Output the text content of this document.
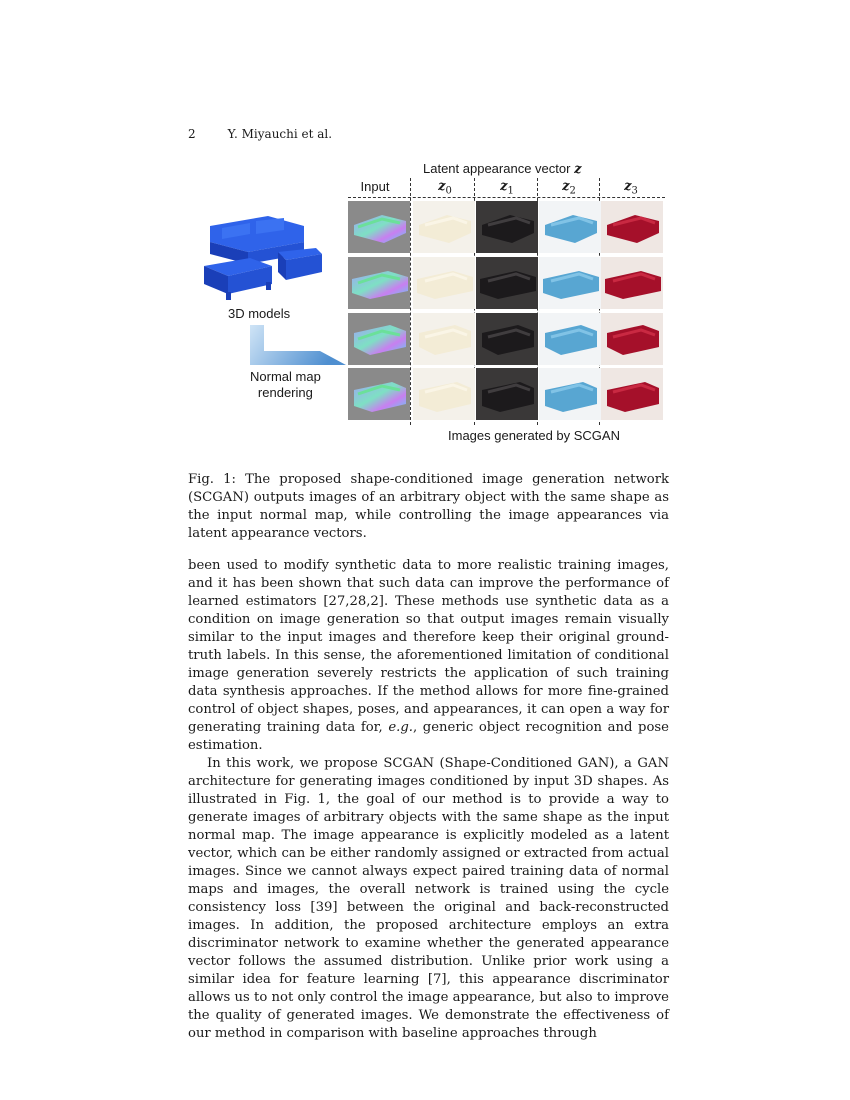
2	Y. Miyauchi et al.
3D models
Normal map
rendering
Latent appearance vector z
Input	$z_0$	$z_1$	$z_2$	$z_3$
Images generated by SCGAN
Fig. 1: The proposed shape-conditioned image generation network (SCGAN) outputs images of an arbitrary object with the same shape as the input normal map, while controlling the image appearances via latent appearance vectors.

been used to modify synthetic data to more realistic training images, and it has been shown that such data can improve the performance of learned estimators [27,28,2]. These methods use synthetic data as a condition on image generation so that output images remain visually similar to the input images and therefore keep their original ground-truth labels. In this sense, the aforementioned limitation of conditional image generation severely restricts the application of such training data synthesis approaches. If the method allows for more fine-grained control of object shapes, poses, and appearances, it can open a way for generating training data for, e.g., generic object recognition and pose estimation.

In this work, we propose SCGAN (Shape-Conditioned GAN), a GAN architecture for generating images conditioned by input 3D shapes. As illustrated in Fig. 1, the goal of our method is to provide a way to generate images of arbitrary objects with the same shape as the input normal map. The image appearance is explicitly modeled as a latent vector, which can be either randomly assigned or extracted from actual images. Since we cannot always expect paired training data of normal maps and images, the overall network is trained using the cycle consistency loss [39] between the original and back-reconstructed images. In addition, the proposed architecture employs an extra discriminator network to examine whether the generated appearance vector follows the assumed distribution. Unlike prior work using a similar idea for feature learning [7], this appearance discriminator allows us to not only control the image appearance, but also to improve the quality of generated images. We demonstrate the effectiveness of our method in comparison with baseline approaches through
